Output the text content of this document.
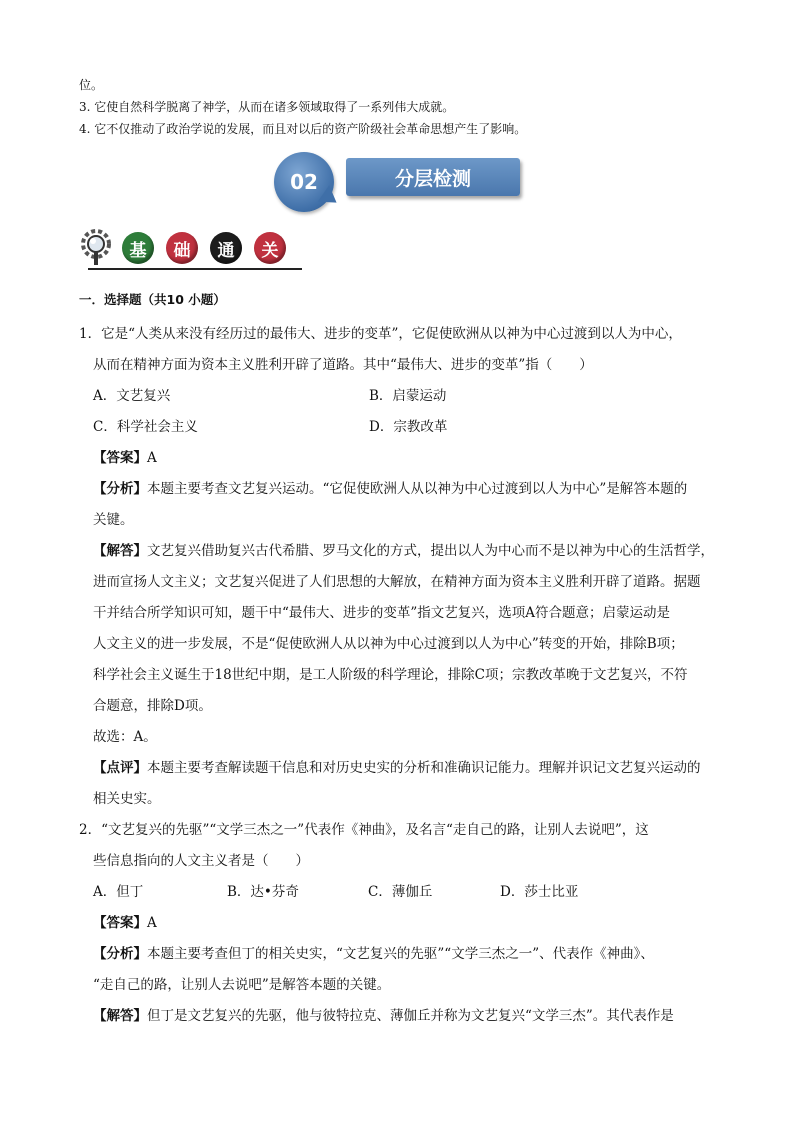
位。

3. 它使自然科学脱离了神学，从而在诸多领域取得了一系列伟大成就。

4. 它不仅推动了政治学说的发展，而且对以后的资产阶级社会革命思想产生了影响。

02	分层检测
基 础 通 关

一．选择题（共10 小题）

1．它是“人类从来没有经历过的最伟大、进步的变革”，它促使欧洲从以神为中心过渡到以人为中心，

从而在精神方面为资本主义胜利开辟了道路。其中“最伟大、进步的变革”指（　　）

A．文艺复兴	B．启蒙运动
C．科学社会主义	D．宗教改革

【答案】A

【分析】本题主要考查文艺复兴运动。“它促使欧洲人从以神为中心过渡到以人为中心”是解答本题的

关键。

【解答】文艺复兴借助复兴古代希腊、罗马文化的方式，提出以人为中心而不是以神为中心的生活哲学，

进而宣扬人文主义；文艺复兴促进了人们思想的大解放，在精神方面为资本主义胜利开辟了道路。据题

干并结合所学知识可知，题干中“最伟大、进步的变革”指文艺复兴，选项A符合题意；启蒙运动是

人文主义的进一步发展，不是“促使欧洲人从以神为中心过渡到以人为中心”转变的开始，排除B项；

科学社会主义诞生于18世纪中期，是工人阶级的科学理论，排除C项；宗教改革晚于文艺复兴，不符

合题意，排除D项。

故选：A。

【点评】本题主要考查解读题干信息和对历史史实的分析和准确识记能力。理解并识记文艺复兴运动的

相关史实。

2．“文艺复兴的先驱”“文学三杰之一”代表作《神曲》，及名言“走自己的路，让别人去说吧”，这

些信息指向的人文主义者是（　　）

A．但丁	B．达•芬奇	C．薄伽丘	D．莎士比亚

【答案】A

【分析】本题主要考查但丁的相关史实，“文艺复兴的先驱”“文学三杰之一”、代表作《神曲》、

“走自己的路，让别人去说吧”是解答本题的关键。

【解答】但丁是文艺复兴的先驱，他与彼特拉克、薄伽丘并称为文艺复兴“文学三杰”。其代表作是
